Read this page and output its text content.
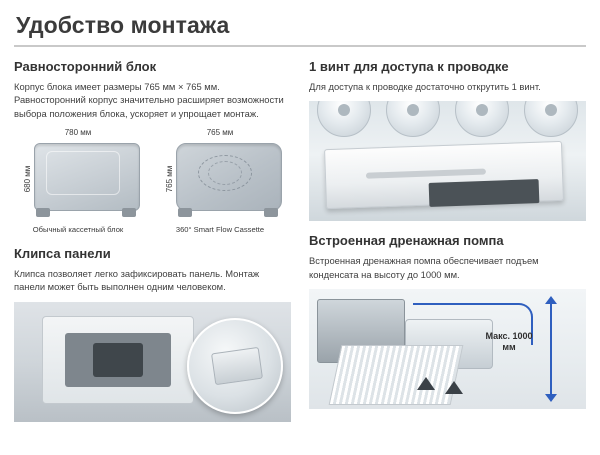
Удобство монтажа
Равносторонний блок

Корпус блока имеет размеры 765 мм × 765 мм. Равносторонний корпус значительно расширяет возможности выбора положения блока, ускоряет и упрощает монтаж.

780 мм
680 мм
Обычный кассетный блок
765 мм
765 мм
360° Smart Flow Cassette
Клипса панели

Клипса позволяет легко зафиксировать панель. Монтаж панели может быть выполнен одним человеком.

1 винт для доступа к проводке

Для доступа к проводке достаточно открутить 1 винт.

Встроенная дренажная помпа

Встроенная дренажная помпа обеспечивает подъем конденсата на высоту до 1000 мм.

Макс. 1000 мм
